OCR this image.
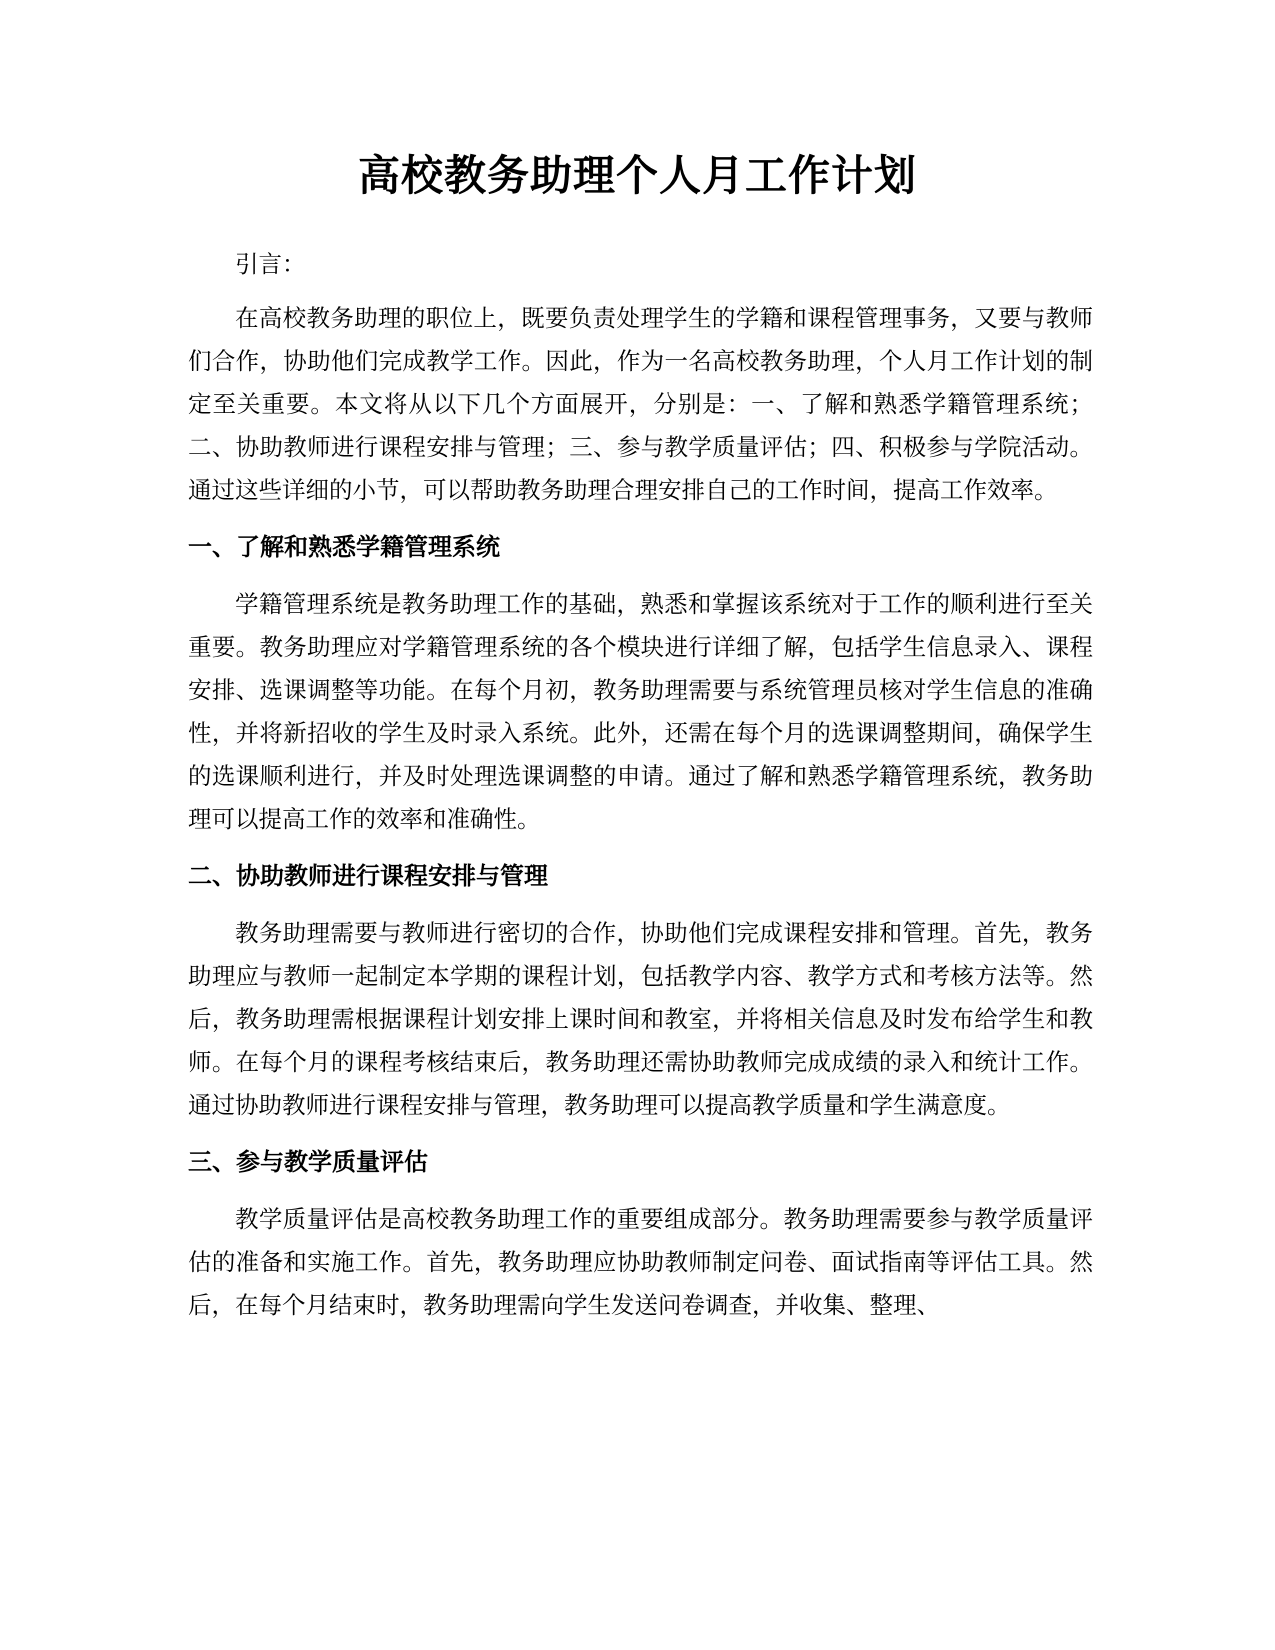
高校教务助理个人月工作计划

引言：

在高校教务助理的职位上，既要负责处理学生的学籍和课程管理事务，又要与教师们合作，协助他们完成教学工作。因此，作为一名高校教务助理，个人月工作计划的制定至关重要。本文将从以下几个方面展开，分别是：一、了解和熟悉学籍管理系统；二、协助教师进行课程安排与管理；三、参与教学质量评估；四、积极参与学院活动。通过这些详细的小节，可以帮助教务助理合理安排自己的工作时间，提高工作效率。

一、了解和熟悉学籍管理系统

学籍管理系统是教务助理工作的基础，熟悉和掌握该系统对于工作的顺利进行至关重要。教务助理应对学籍管理系统的各个模块进行详细了解，包括学生信息录入、课程安排、选课调整等功能。在每个月初，教务助理需要与系统管理员核对学生信息的准确性，并将新招收的学生及时录入系统。此外，还需在每个月的选课调整期间，确保学生的选课顺利进行，并及时处理选课调整的申请。通过了解和熟悉学籍管理系统，教务助理可以提高工作的效率和准确性。

二、协助教师进行课程安排与管理

教务助理需要与教师进行密切的合作，协助他们完成课程安排和管理。首先，教务助理应与教师一起制定本学期的课程计划，包括教学内容、教学方式和考核方法等。然后，教务助理需根据课程计划安排上课时间和教室，并将相关信息及时发布给学生和教师。在每个月的课程考核结束后，教务助理还需协助教师完成成绩的录入和统计工作。通过协助教师进行课程安排与管理，教务助理可以提高教学质量和学生满意度。

三、参与教学质量评估

教学质量评估是高校教务助理工作的重要组成部分。教务助理需要参与教学质量评估的准备和实施工作。首先，教务助理应协助教师制定问卷、面试指南等评估工具。然后，在每个月结束时，教务助理需向学生发送问卷调查，并收集、整理、
